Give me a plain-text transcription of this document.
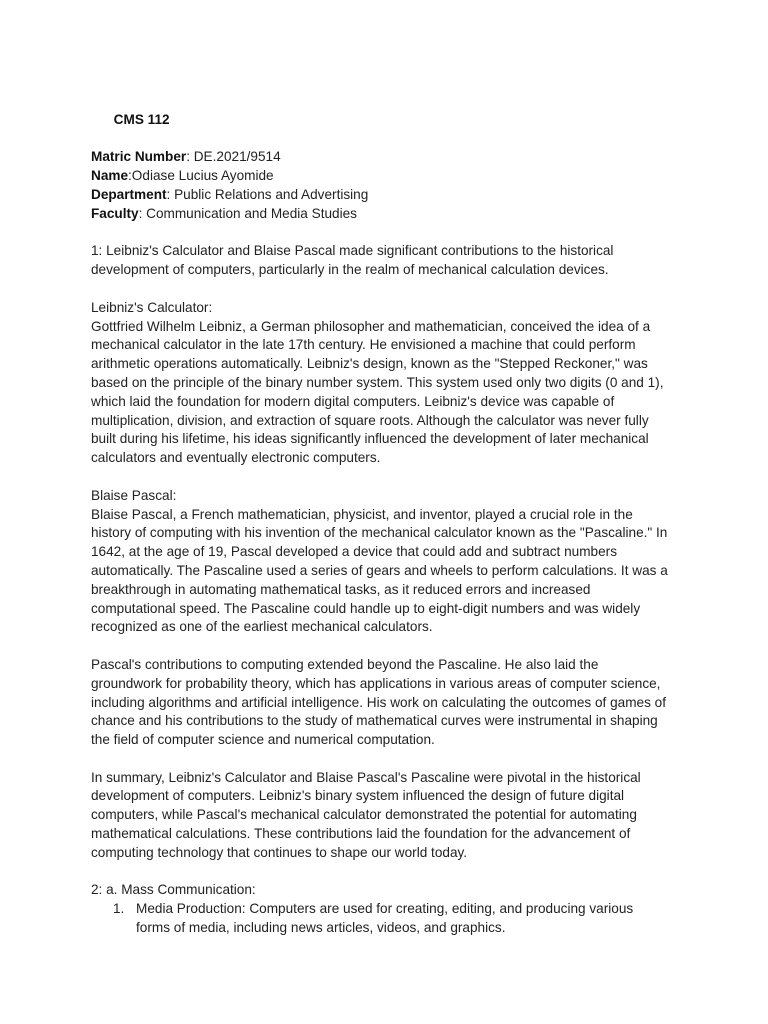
CMS 112

Matric Number: DE.2021/9514
Name:Odiase Lucius Ayomide
Department: Public Relations and Advertising
Faculty: Communication and Media Studies
1: Leibniz's Calculator and Blaise Pascal made significant contributions to the historical
development of computers, particularly in the realm of mechanical calculation devices.
Leibniz's Calculator:
Gottfried Wilhelm Leibniz, a German philosopher and mathematician, conceived the idea of a
mechanical calculator in the late 17th century. He envisioned a machine that could perform
arithmetic operations automatically. Leibniz's design, known as the "Stepped Reckoner," was
based on the principle of the binary number system. This system used only two digits (0 and 1),
which laid the foundation for modern digital computers. Leibniz's device was capable of
multiplication, division, and extraction of square roots. Although the calculator was never fully
built during his lifetime, his ideas significantly influenced the development of later mechanical
calculators and eventually electronic computers.
Blaise Pascal:
Blaise Pascal, a French mathematician, physicist, and inventor, played a crucial role in the
history of computing with his invention of the mechanical calculator known as the "Pascaline." In
1642, at the age of 19, Pascal developed a device that could add and subtract numbers
automatically. The Pascaline used a series of gears and wheels to perform calculations. It was a
breakthrough in automating mathematical tasks, as it reduced errors and increased
computational speed. The Pascaline could handle up to eight-digit numbers and was widely
recognized as one of the earliest mechanical calculators.
Pascal's contributions to computing extended beyond the Pascaline. He also laid the
groundwork for probability theory, which has applications in various areas of computer science,
including algorithms and artificial intelligence. His work on calculating the outcomes of games of
chance and his contributions to the study of mathematical curves were instrumental in shaping
the field of computer science and numerical computation.
In summary, Leibniz's Calculator and Blaise Pascal's Pascaline were pivotal in the historical
development of computers. Leibniz's binary system influenced the design of future digital
computers, while Pascal's mechanical calculator demonstrated the potential for automating
mathematical calculations. These contributions laid the foundation for the advancement of
computing technology that continues to shape our world today.
2: a. Mass Communication:
1. Media Production: Computers are used for creating, editing, and producing various
forms of media, including news articles, videos, and graphics.
